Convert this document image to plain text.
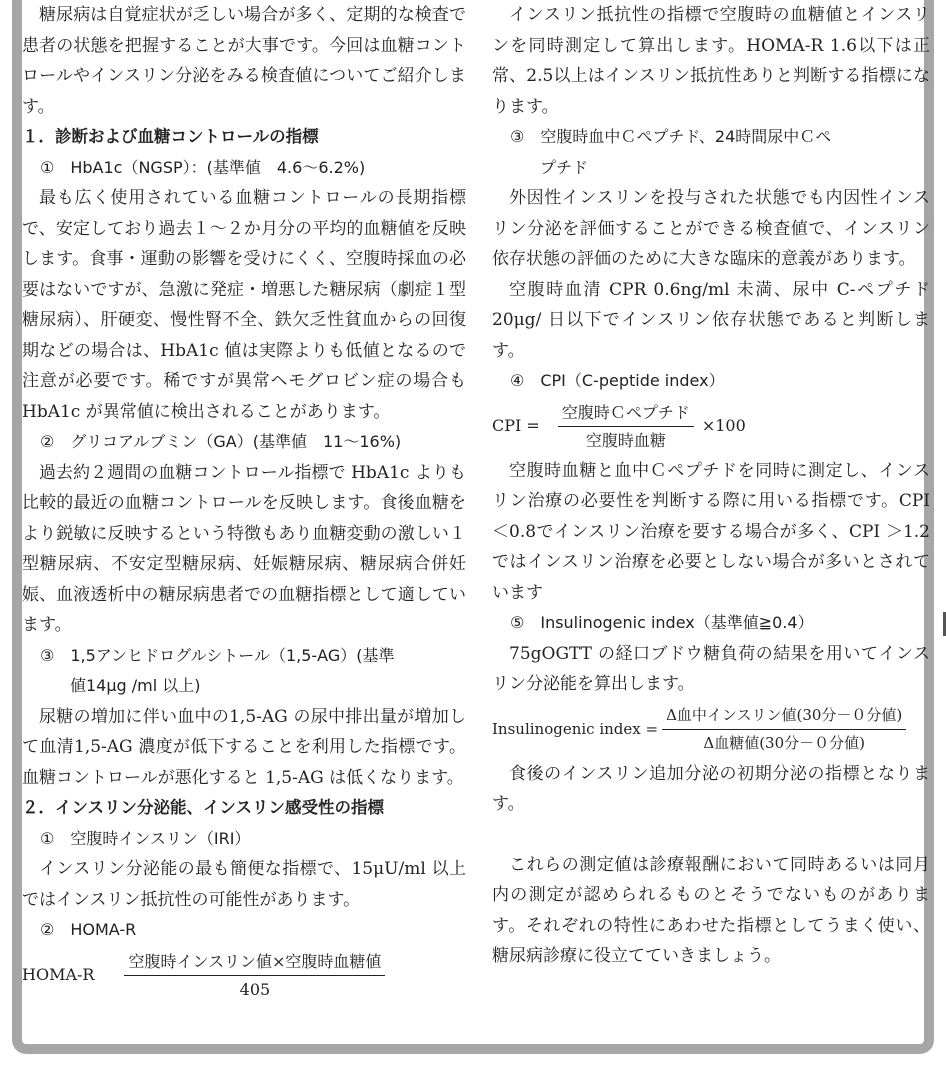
糖尿病は自覚症状が乏しい場合が多く、定期的な検査で患者の状態を把握することが大事です。今回は血糖コントロールやインスリン分泌をみる検査値についてご紹介します。

１．診断および血糖コントロールの指標

①　HbA1c（NGSP）：(基準値　4.6〜6.2%)

最も広く使用されている血糖コントロールの長期指標で、安定しており過去１〜２か月分の平均的血糖値を反映します。食事・運動の影響を受けにくく、空腹時採血の必要はないですが、急激に発症・増悪した糖尿病（劇症１型糖尿病）、肝硬変、慢性腎不全、鉄欠乏性貧血からの回復期などの場合は、HbA1c 値は実際よりも低値となるので注意が必要です。稀ですが異常ヘモグロビン症の場合も HbA1c が異常値に検出されることがあります。

②　グリコアルブミン（GA）(基準値　11〜16%)

過去約２週間の血糖コントロール指標で HbA1c よりも比較的最近の血糖コントロールを反映します。食後血糖をより鋭敏に反映するという特徴もあり血糖変動の激しい１型糖尿病、不安定型糖尿病、妊娠糖尿病、糖尿病合併妊娠、血液透析中の糖尿病患者での血糖指標として適しています。

③　1,5アンヒドログルシトール（1,5-AG）(基準
値14μg /ml 以上)

尿糖の増加に伴い血中の1,5-AG の尿中排出量が増加して血清1,5-AG 濃度が低下することを利用した指標です。血糖コントロールが悪化すると 1,5-AG は低くなります。

２．インスリン分泌能、インスリン感受性の指標

①　空腹時インスリン（IRI）

インスリン分泌能の最も簡便な指標で、15μU/ml 以上ではインスリン抵抗性の可能性があります。

②　HOMA-R

HOMA-R $\frac{\text{空腹時インスリン値×空腹時血糖値}}{405}$

インスリン抵抗性の指標で空腹時の血糖値とインスリンを同時測定して算出します。HOMA-R 1.6以下は正常、2.5以上はインスリン抵抗性ありと判断する指標になります。

③　空腹時血中Ｃペプチド、24時間尿中Ｃペ
プチド

外因性インスリンを投与された状態でも内因性インスリン分泌を評価することができる検査値で、インスリン依存状態の評価のために大きな臨床的意義があります。

空腹時血清 CPR 0.6ng/ml 未満、尿中 C-ペプチド20μg/ 日以下でインスリン依存状態であると判断します。

④　CPI（C-peptide index）

CPI = $\frac{\text{空腹時Ｃペプチド}}{\text{空腹時血糖}} \times 100$

空腹時血糖と血中Ｃペプチドを同時に測定し、インスリン治療の必要性を判断する際に用いる指標です。CPI ＜0.8でインスリン治療を要する場合が多く、CPI ＞1.2ではインスリン治療を必要としない場合が多いとされています

⑤　Insulinogenic index（基準値≧0.4）

75gOGTT の経口ブドウ糖負荷の結果を用いてインスリン分泌能を算出します。

Insulinogenic index = $\frac{\text{Δ血中インスリン値(30分－０分値)}}{\text{Δ血糖値(30分－０分値)}}$

食後のインスリン追加分泌の初期分泌の指標となります。

これらの測定値は診療報酬において同時あるいは同月内の測定が認められるものとそうでないものがあります。それぞれの特性にあわせた指標としてうまく使い、糖尿病診療に役立てていきましょう。
